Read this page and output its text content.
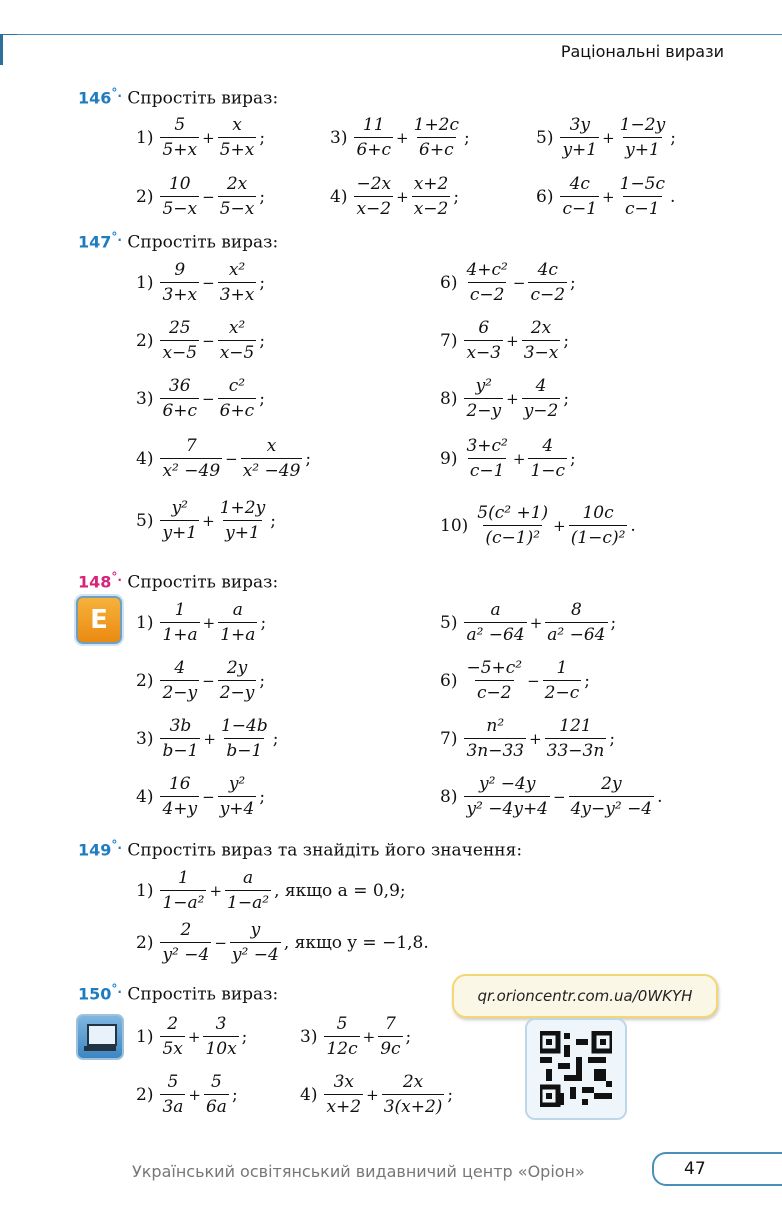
Раціональні вирази
146°. Спростіть вираз:
147°. Спростіть вираз:
148°. Спростіть вираз:
149°. Спростіть вираз та знайдіть його значення:
150°. Спростіть вираз:
$1) \frac{5}{5+x} + \frac{x}{5+x}$ ;
$2) \frac{10}{5-x} - \frac{2x}{5-x}$ ;
$3) \frac{11}{6+c} + \frac{1+2c}{6+c}$ ;
$4) \frac{-2x}{x-2} + \frac{x+2}{x-2}$ ;
$5) \frac{3y}{y+1} + \frac{1-2y}{y+1}$ ;
$6) \frac{4c}{c-1} + \frac{1-5c}{c-1}$ .
$1) \frac{9}{3+x} - \frac{\text{x²}}{3+x}$ ;
$2) \frac{25}{x-5} - \frac{\text{x²}}{x-5}$ ;
$3) \frac{36}{6+c} - \frac{\text{c²}}{6+c}$ ;
$4) \frac{7}{\text{x² −49}} - \frac{x}{\text{x² −49}}$ ;
$5) \frac{\text{y²}}{y+1} + \frac{1+2y}{y+1}$ ;
$6) \frac{\text{4+c²}}{c-2} - \frac{4c}{c-2}$ ;
$7) \frac{6}{x-3} + \frac{2x}{3-x}$ ;
$8) \frac{\text{y²}}{2-y} + \frac{4}{y-2}$ ;
$9) \frac{\text{3+c²}}{c-1} + \frac{4}{1-c}$ ;
$10) \frac{\text{5(c² +1)}}{\text{(c−1)²}} + \frac{10c}{\text{(1−c)²}}$ .
$1) \frac{1}{1+a} + \frac{a}{1+a}$ ;
$2) \frac{4}{2-y} - \frac{2y}{2-y}$ ;
$3) \frac{3b}{b-1} + \frac{1-4b}{b-1}$ ;
$4) \frac{16}{4+y} - \frac{\text{y²}}{y+4}$ ;
$5) \frac{a}{\text{a² −64}} + \frac{8}{\text{a² −64}}$ ;
$6) \frac{\text{−5+c²}}{c-2} - \frac{1}{2-c}$ ;
$7) \frac{\text{n²}}{3n-33} + \frac{121}{33-3n}$ ;
$8) \frac{\text{y² −4y}}{\text{y² −4y+4}} - \frac{2y}{\text{4y−y² −4}}$ .
$1) \frac{1}{\text{1−a²}} + \frac{a}{\text{1−a²}}$ , якщо a = 0,9;
$2) \frac{2}{\text{y² −4}} - \frac{y}{\text{y² −4}}$ , якщо y = −1,8.
$1) \frac{2}{5x} + \frac{3}{10x}$ ;
$2) \frac{5}{3a} + \frac{5}{6a}$ ;
$3) \frac{5}{12c} + \frac{7}{9c}$ ;
$4) \frac{3x}{x+2} + \frac{2x}{3(x+2)}$ ;
E
qr.orioncentr.com.ua/0WKYH
Український освітянський видавничий центр «Оріон»	47
